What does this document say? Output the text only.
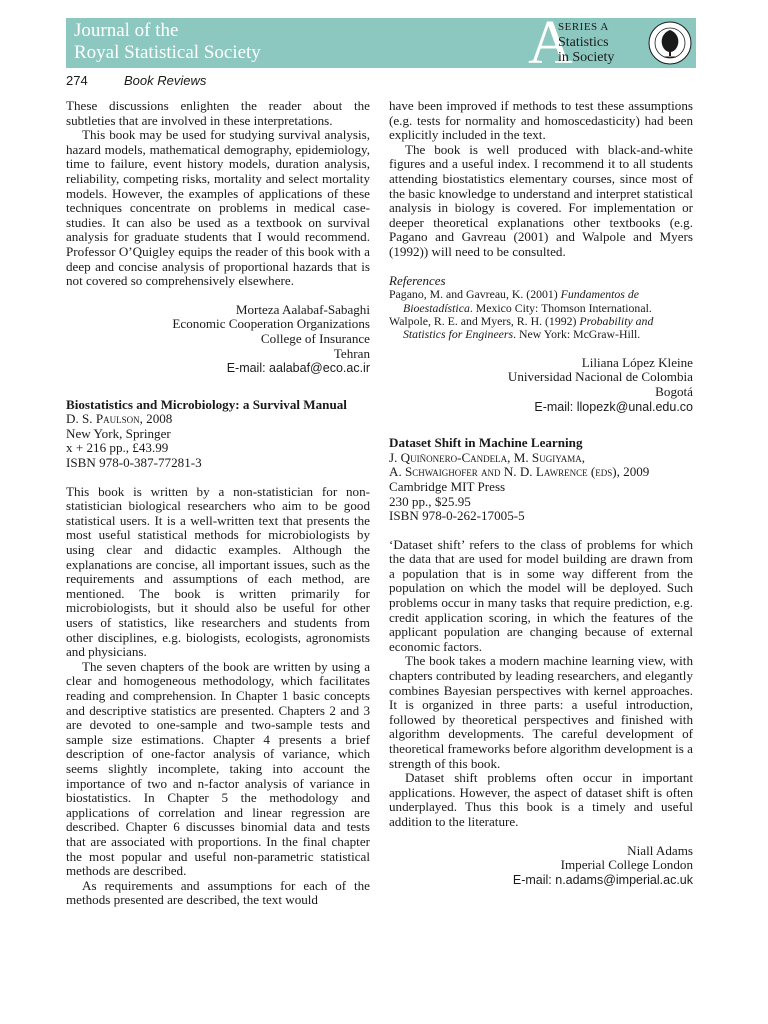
Journal of the
Royal Statistical Society	A
SERIES A
Statistics
in Society
274	Book Reviews

These discussions enlighten the reader about the subtleties that are involved in these interpretations.

This book may be used for studying survival analysis, hazard models, mathematical demography, epidemiology, time to failure, event history models, duration analysis, reliability, competing risks, mortality and select mortality models. However, the examples of applications of these techniques concentrate on problems in medical case-studies. It can also be used as a textbook on survival analysis for graduate students that I would recommend. Professor O’Quigley equips the reader of this book with a deep and concise analysis of proportional hazards that is not covered so comprehensively elsewhere.

Morteza Aalabaf-Sabaghi

Economic Cooperation Organizations

College of Insurance

Tehran

E-mail: aalabaf@eco.ac.ir

Biostatistics and Microbiology: a Survival Manual

D. S. Paulson, 2008

New York, Springer

x + 216 pp., £43.99

ISBN 978-0-387-77281-3

This book is written by a non-statistician for non-statistician biological researchers who aim to be good statistical users. It is a well-written text that presents the most useful statistical methods for microbiologists by using clear and didactic examples. Although the explanations are concise, all important issues, such as the requirements and assumptions of each method, are mentioned. The book is written primarily for microbiologists, but it should also be useful for other users of statistics, like researchers and students from other disciplines, e.g. biologists, ecologists, agronomists and physicians.

The seven chapters of the book are written by using a clear and homogeneous methodology, which facilitates reading and comprehension. In Chapter 1 basic concepts and descriptive statistics are presented. Chapters 2 and 3 are devoted to one-sample and two-sample tests and sample size estimations. Chapter 4 presents a brief description of one-factor analysis of variance, which seems slightly incomplete, taking into account the importance of two and n-factor analysis of variance in biostatistics. In Chapter 5 the methodology and applications of correlation and linear regression are described. Chapter 6 discusses binomial data and tests that are associated with proportions. In the final chapter the most popular and useful non-parametric statistical methods are described.

As requirements and assumptions for each of the methods presented are described, the text would

have been improved if methods to test these assumptions (e.g. tests for normality and homoscedasticity) had been explicitly included in the text.

The book is well produced with black-and-white figures and a useful index. I recommend it to all students attending biostatistics elementary courses, since most of the basic knowledge to understand and interpret statistical analysis in biology is covered. For implementation or deeper theoretical explanations other textbooks (e.g. Pagano and Gavreau (2001) and Walpole and Myers (1992)) will need to be consulted.

References

Pagano, M. and Gavreau, K. (2001) Fundamentos de Bioestadística. Mexico City: Thomson International.

Walpole, R. E. and Myers, R. H. (1992) Probability and Statistics for Engineers. New York: McGraw-Hill.

Liliana López Kleine

Universidad Nacional de Colombia

Bogotá

E-mail: llopezk@unal.edu.co

Dataset Shift in Machine Learning

J. Quiñonero-Candela, M. Sugiyama,

A. Schwaighofer and N. D. Lawrence (eds), 2009

Cambridge MIT Press

230 pp., $25.95

ISBN 978-0-262-17005-5

‘Dataset shift’ refers to the class of problems for which the data that are used for model building are drawn from a population that is in some way different from the population on which the model will be deployed. Such problems occur in many tasks that require prediction, e.g. credit application scoring, in which the features of the applicant population are changing because of external economic factors.

The book takes a modern machine learning view, with chapters contributed by leading researchers, and elegantly combines Bayesian perspectives with kernel approaches. It is organized in three parts: a useful introduction, followed by theoretical perspectives and finished with algorithm developments. The careful development of theoretical frameworks before algorithm development is a strength of this book.

Dataset shift problems often occur in important applications. However, the aspect of dataset shift is often underplayed. Thus this book is a timely and useful addition to the literature.

Niall Adams

Imperial College London

E-mail: n.adams@imperial.ac.uk
